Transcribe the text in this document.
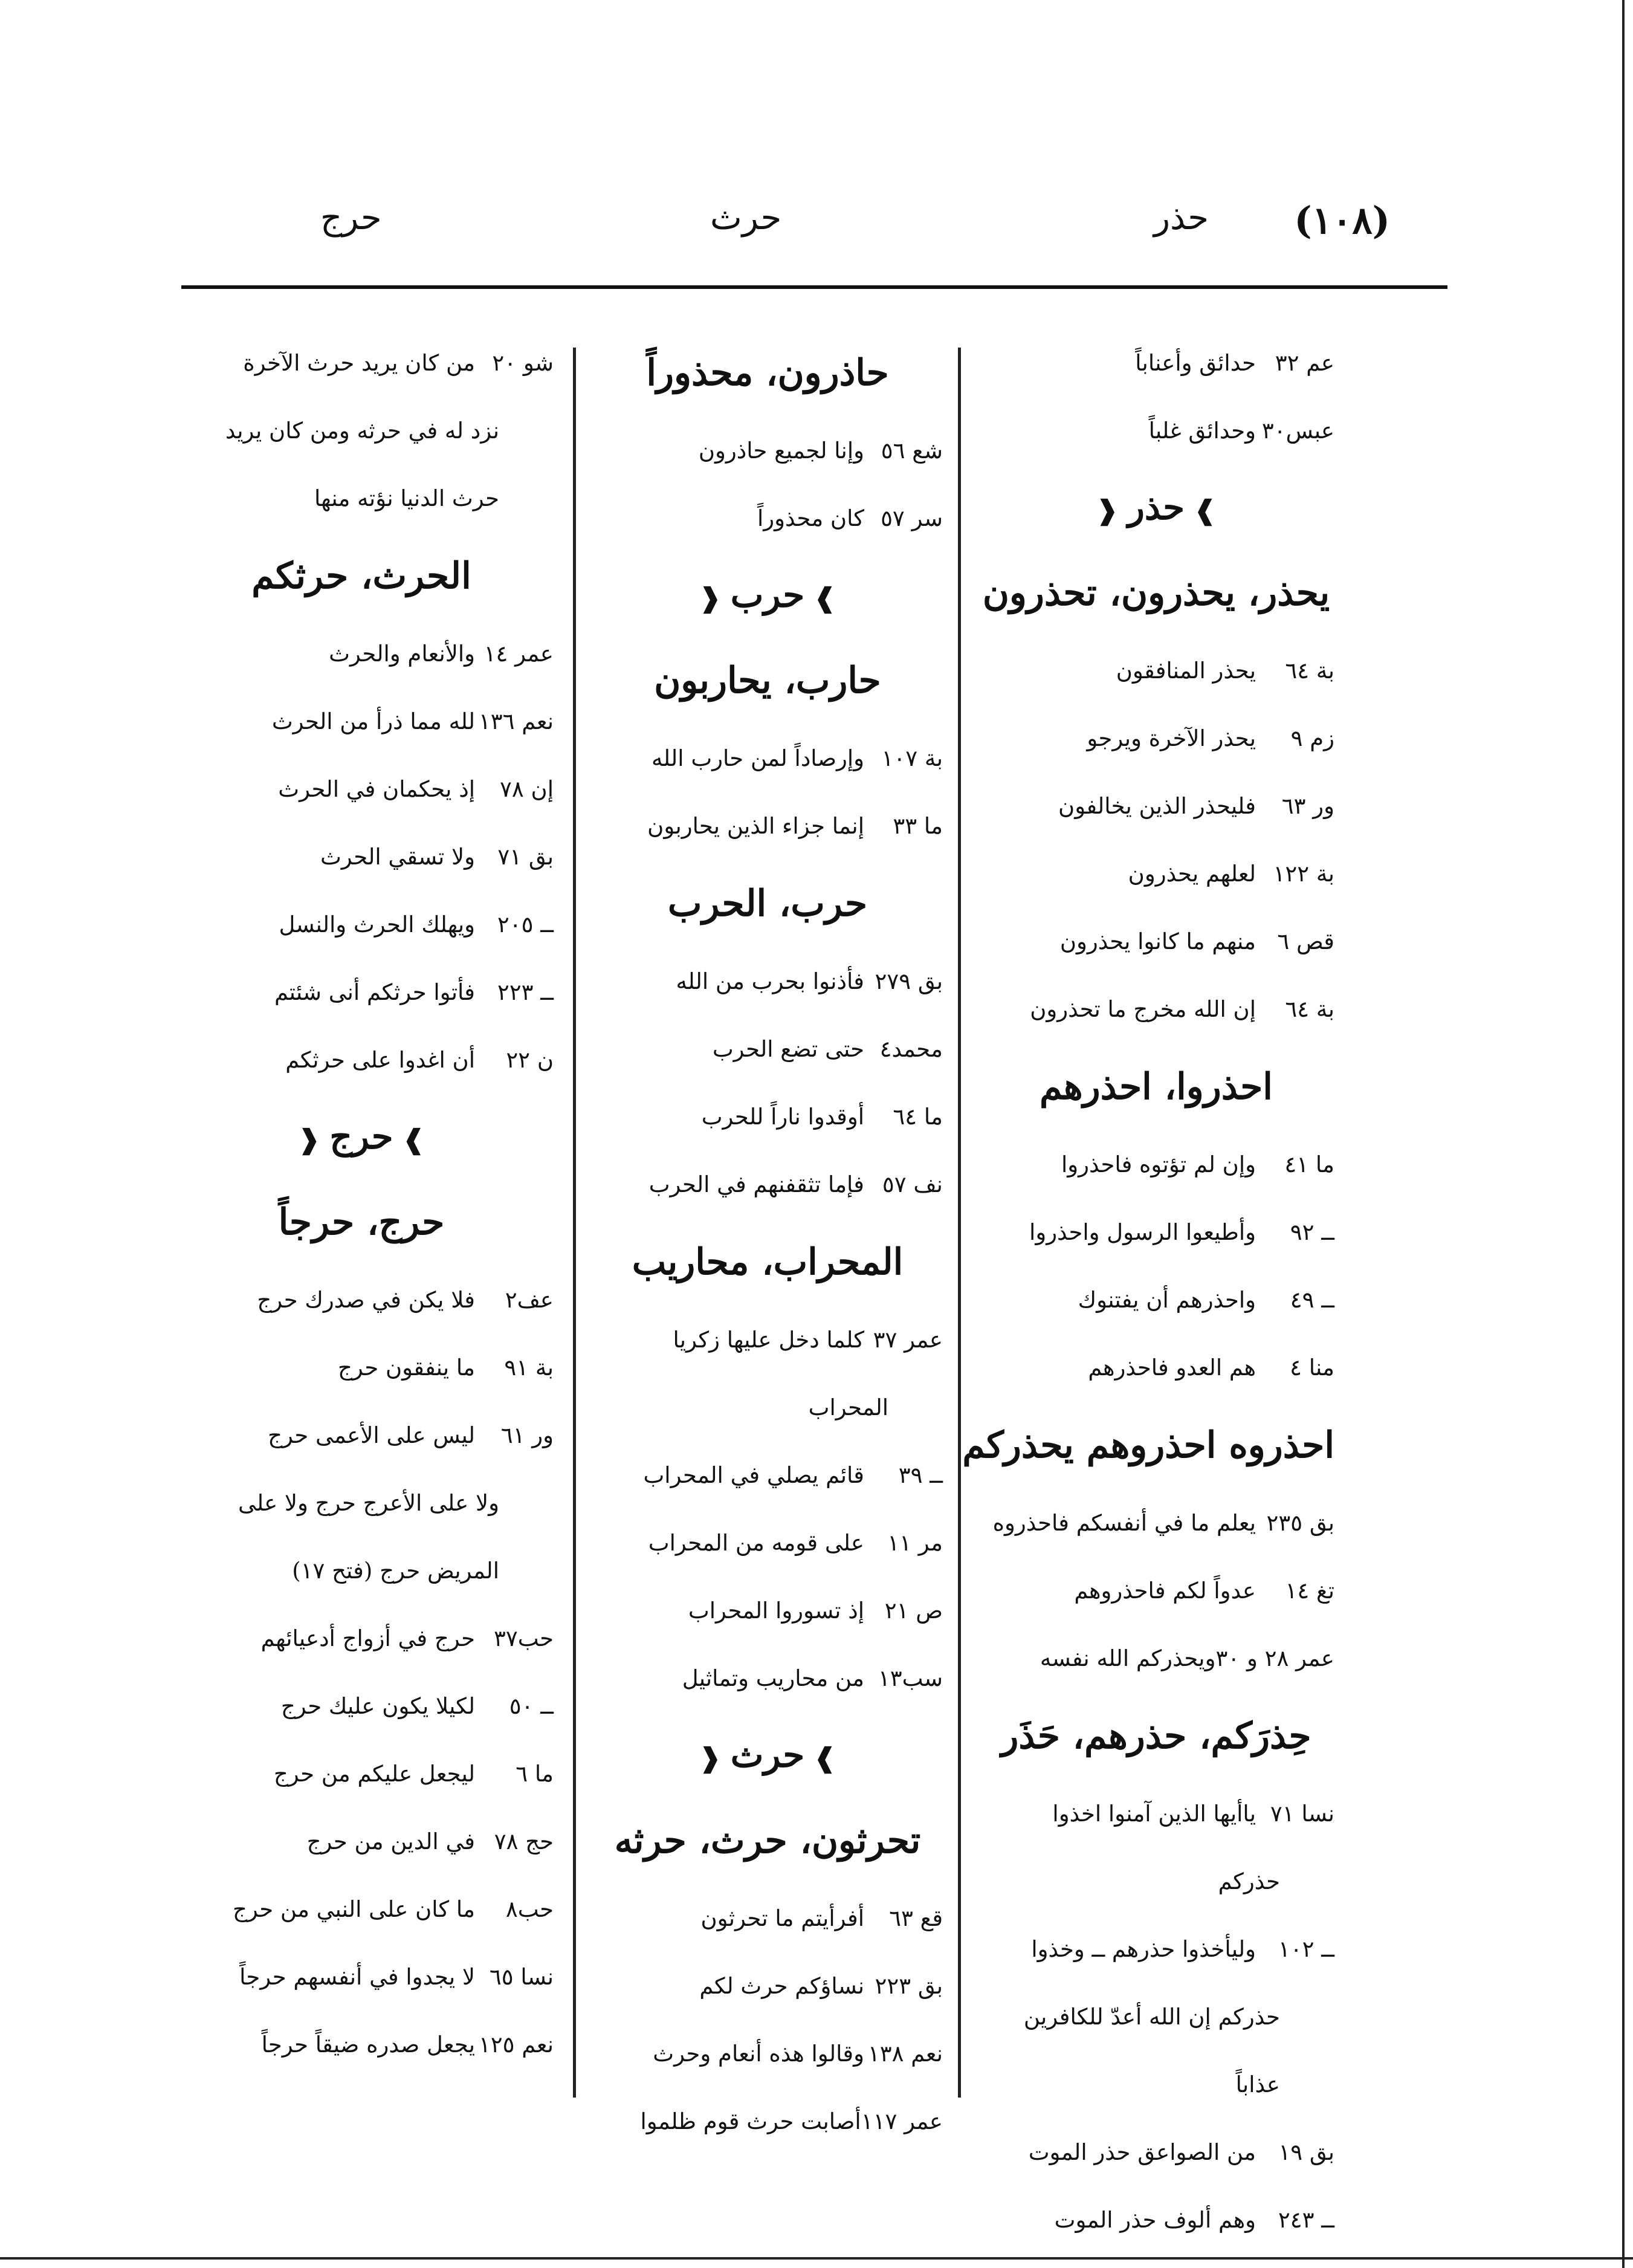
(١٠٨)
حذر
حرث
حرج
عم ٣٢حدائق وأعناباً
عبس٣٠وحدائق غلباً
❱ حذر ❰
يحذر، يحذرون، تحذرون
بة ٦٤يحذر المنافقون
زم ٩يحذر الآخرة ويرجو
ور ٦٣فليحذر الذين يخالفون
بة ١٢٢لعلهم يحذرون
قص ٦منهم ما كانوا يحذرون
بة ٦٤إن الله مخرج ما تحذرون
احذروا، احذرهم
ما ٤١وإن لم تؤتوه فاحذروا
ــ ٩٢وأطيعوا الرسول واحذروا
ــ ٤٩واحذرهم أن يفتنوك
منا ٤هم العدو فاحذرهم
احذروه احذروهم يحذركم
بق ٢٣٥يعلم ما في أنفسكم فاحذروه
تغ ١٤عدواً لكم فاحذروهم
عمر ٢٨ و ٣٠ويحذركم الله نفسه
حِذرَكم، حذرهم، حَذَر
نسا ٧١ياأيها الذين آمنوا اخذوا
حذركم
ــ ١٠٢وليأخذوا حذرهم ــ وخذوا
حذركم إن الله أعدّ للكافرين
عذاباً
بق ١٩من الصواعق حذر الموت
ــ ٢٤٣وهم ألوف حذر الموت
حاذرون، محذوراً
شع ٥٦وإنا لجميع حاذرون
سر ٥٧كان محذوراً
❱ حرب ❰
حارب، يحاربون
بة ١٠٧وإرصاداً لمن حارب الله
ما ٣٣إنما جزاء الذين يحاربون
حرب، الحرب
بق ٢٧٩فأذنوا بحرب من الله
محمد٤حتى تضع الحرب
ما ٦٤أوقدوا ناراً للحرب
نف ٥٧فإما تثقفنهم في الحرب
المحراب، محاريب
عمر ٣٧كلما دخل عليها زكريا
المحراب
ــ ٣٩قائم يصلي في المحراب
مر ١١على قومه من المحراب
ص ٢١إذ تسوروا المحراب
سب١٣من محاريب وتماثيل
❱ حرث ❰
تحرثون، حرث، حرثه
قع ٦٣أفرأيتم ما تحرثون
بق ٢٢٣نساؤكم حرث لكم
نعم ١٣٨وقالوا هذه أنعام وحرث
عمر ١١٧أصابت حرث قوم ظلموا
شو ٢٠من كان يريد حرث الآخرة
نزد له في حرثه ومن كان يريد
حرث الدنيا نؤته منها
الحرث، حرثكم
عمر ١٤والأنعام والحرث
نعم ١٣٦لله مما ذرأ من الحرث
إن ٧٨إذ يحكمان في الحرث
بق ٧١ولا تسقي الحرث
ــ ٢٠٥ويهلك الحرث والنسل
ــ ٢٢٣فأتوا حرثكم أنى شئتم
ن ٢٢أن اغدوا على حرثكم
❱ حرج ❰
حرج، حرجاً
عف٢فلا يكن في صدرك حرج
بة ٩١ما ينفقون حرج
ور ٦١ليس على الأعمى حرج
ولا على الأعرج حرج ولا على
المريض حرج (فتح ١٧)
حب٣٧حرج في أزواج أدعيائهم
ــ ٥٠لكيلا يكون عليك حرج
ما ٦ليجعل عليكم من حرج
حج ٧٨في الدين من حرج
حب٨ما كان على النبي من حرج
نسا ٦٥لا يجدوا في أنفسهم حرجاً
نعم ١٢٥يجعل صدره ضيقاً حرجاً
